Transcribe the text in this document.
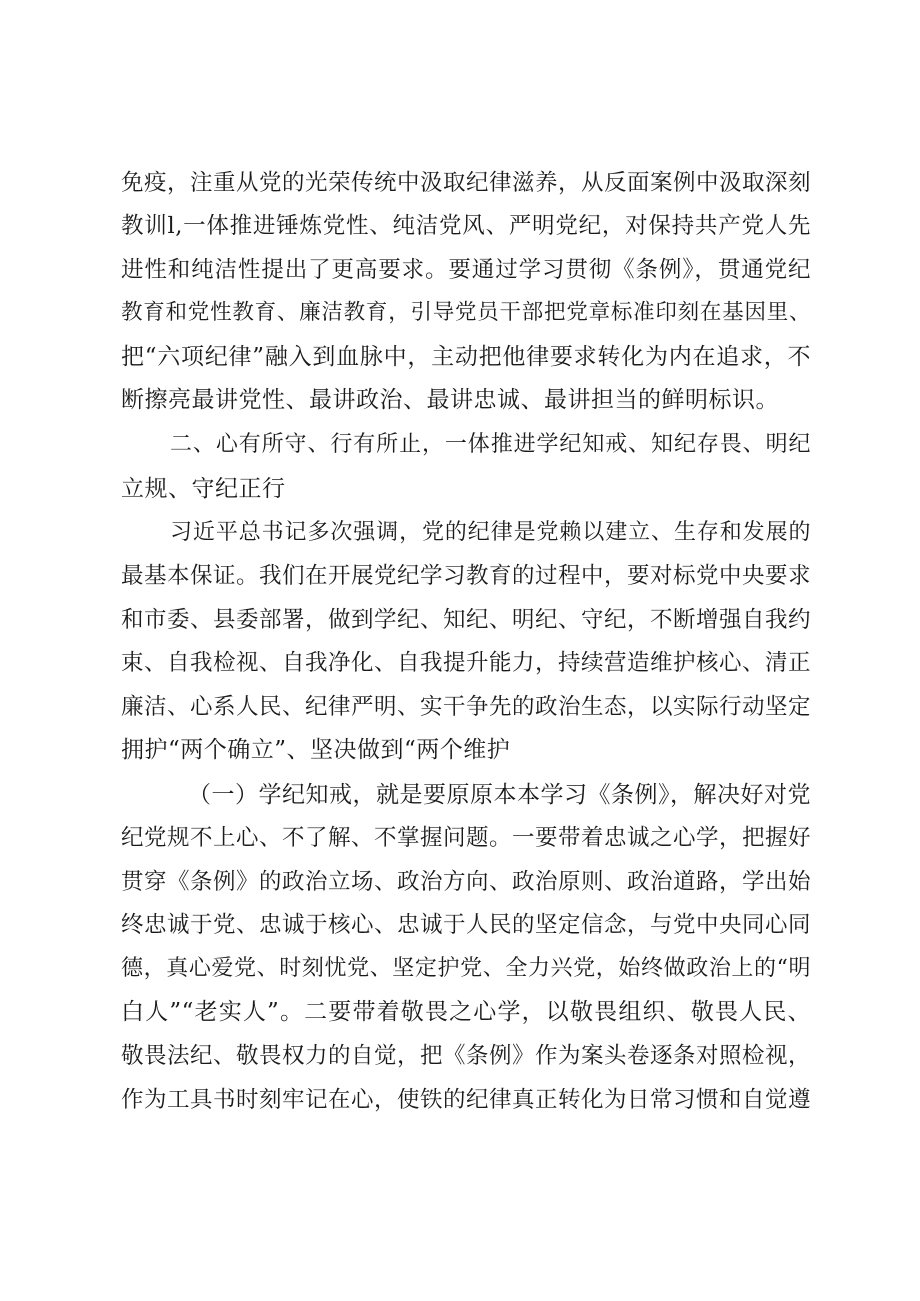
免疫，注重从党的光荣传统中汲取纪律滋养，从反面案例中汲取深刻
教训l,一体推进锤炼党性、纯洁党风、严明党纪，对保持共产党人先
进性和纯洁性提出了更高要求。要通过学习贯彻《条例》，贯通党纪
教育和党性教育、廉洁教育，引导党员干部把党章标准印刻在基因里、
把“六项纪律”融入到血脉中，主动把他律要求转化为内在追求，不
断擦亮最讲党性、最讲政治、最讲忠诚、最讲担当的鲜明标识。
二、心有所守、行有所止，一体推进学纪知戒、知纪存畏、明纪
立规、守纪正行
习近平总书记多次强调，党的纪律是党赖以建立、生存和发展的
最基本保证。我们在开展党纪学习教育的过程中，要对标党中央要求
和市委、县委部署，做到学纪、知纪、明纪、守纪，不断增强自我约
束、自我检视、自我净化、自我提升能力，持续营造维护核心、清正
廉洁、心系人民、纪律严明、实干争先的政治生态，以实际行动坚定
拥护“两个确立”、坚决做到“两个维护
（一）学纪知戒，就是要原原本本学习《条例》，解决好对党
纪党规不上心、不了解、不掌握问题。一要带着忠诚之心学，把握好
贯穿《条例》的政治立场、政治方向、政治原则、政治道路，学出始
终忠诚于党、忠诚于核心、忠诚于人民的坚定信念，与党中央同心同
德，真心爱党、时刻忧党、坚定护党、全力兴党，始终做政治上的“明
白人”“老实人”。二要带着敬畏之心学，以敬畏组织、敬畏人民、
敬畏法纪、敬畏权力的自觉，把《条例》作为案头卷逐条对照检视，
作为工具书时刻牢记在心，使铁的纪律真正转化为日常习惯和自觉遵
